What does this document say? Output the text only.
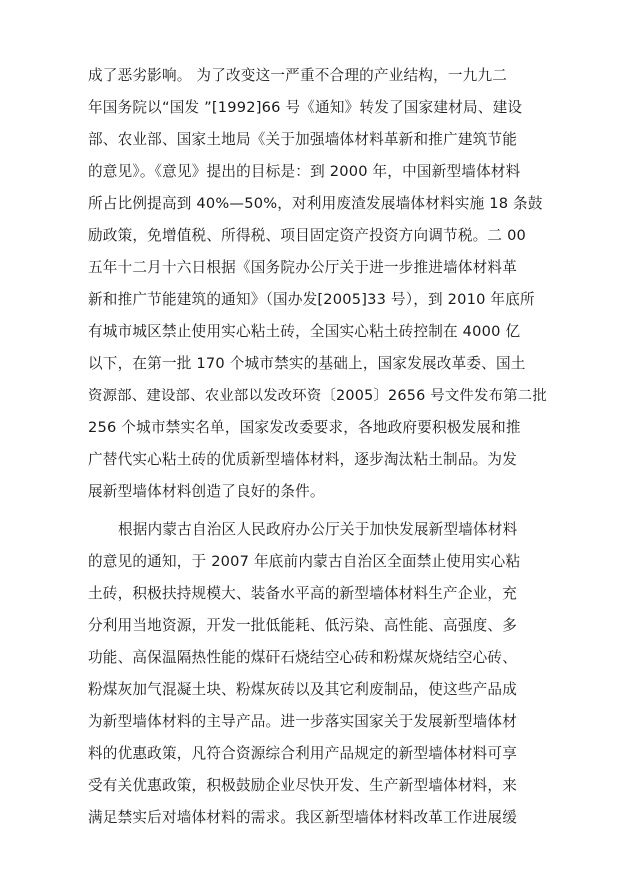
成了恶劣影响。 为了改变这一严重不合理的产业结构，一九九二
年国务院以“国发 ”[1992]66 号《通知》转发了国家建材局、建设
部、农业部、国家土地局《关于加强墙体材料革新和推广建筑节能
的意见》。《意见》提出的目标是：到 2000 年，中国新型墙体材料
所占比例提高到 40%—50%，对利用废渣发展墙体材料实施 18 条鼓
励政策，免增值税、所得税、项目固定资产投资方向调节税。二 00
五年十二月十六日根据《国务院办公厅关于进一步推进墙体材料革
新和推广节能建筑的通知》（国办发[2005]33 号），到 2010 年底所
有城市城区禁止使用实心粘土砖，全国实心粘土砖控制在 4000 亿
以下，在第一批 170 个城市禁实的基础上，国家发展改革委、国土
资源部、建设部、农业部以发改环资〔2005〕2656 号文件发布第二批
256 个城市禁实名单，国家发改委要求，各地政府要积极发展和推
广替代实心粘土砖的优质新型墙体材料，逐步淘汰粘土制品。为发
展新型墙体材料创造了良好的条件。
根据内蒙古自治区人民政府办公厅关于加快发展新型墙体材料
的意见的通知，于 2007 年底前内蒙古自治区全面禁止使用实心粘
土砖，积极扶持规模大、装备水平高的新型墙体材料生产企业，充
分利用当地资源，开发一批低能耗、低污染、高性能、高强度、多
功能、高保温隔热性能的煤矸石烧结空心砖和粉煤灰烧结空心砖、
粉煤灰加气混凝土块、粉煤灰砖以及其它利废制品，使这些产品成
为新型墙体材料的主导产品。进一步落实国家关于发展新型墙体材
料的优惠政策，凡符合资源综合利用产品规定的新型墙体材料可享
受有关优惠政策，积极鼓励企业尽快开发、生产新型墙体材料，来
满足禁实后对墙体材料的需求。我区新型墙体材料改革工作进展缓
